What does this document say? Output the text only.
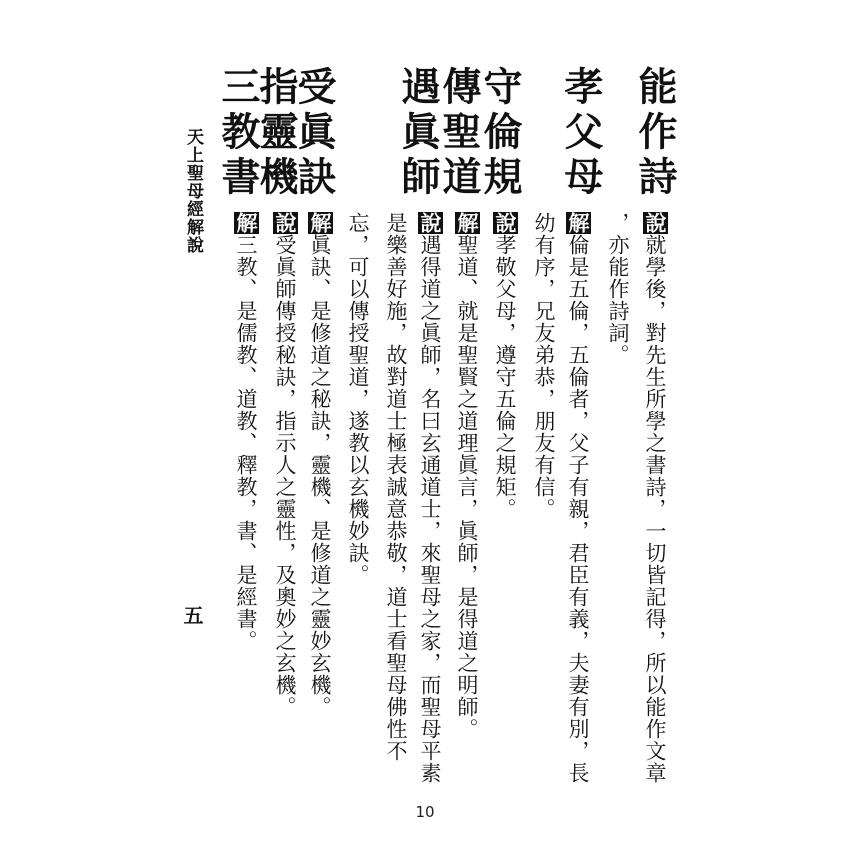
能作詩
孝父母
守倫規
傳聖道
遇眞師
受眞訣
指靈機
三教書
說就學後，對先生所學之書詩，一切皆記得，所以能作文章
，亦能作詩詞。
解倫是五倫，五倫者，父子有親，君臣有義，夫妻有別，長
幼有序，兄友弟恭，朋友有信。
說孝敬父母，遵守五倫之規矩。
解聖道、就是聖賢之道理眞言，眞師，是得道之明師。
說遇得道之眞師，名曰玄通道士，來聖母之家，而聖母平素
是樂善好施，故對道士極表誠意恭敬，道士看聖母佛性不
忘，可以傳授聖道，遂教以玄機妙訣。
解眞訣、是修道之秘訣，靈機、是修道之靈妙玄機。
說受眞師傳授秘訣，指示人之靈性，及奧妙之玄機。
解三教、是儒教、道教、釋教，書、是經書。
天上聖母經解說
五
10
